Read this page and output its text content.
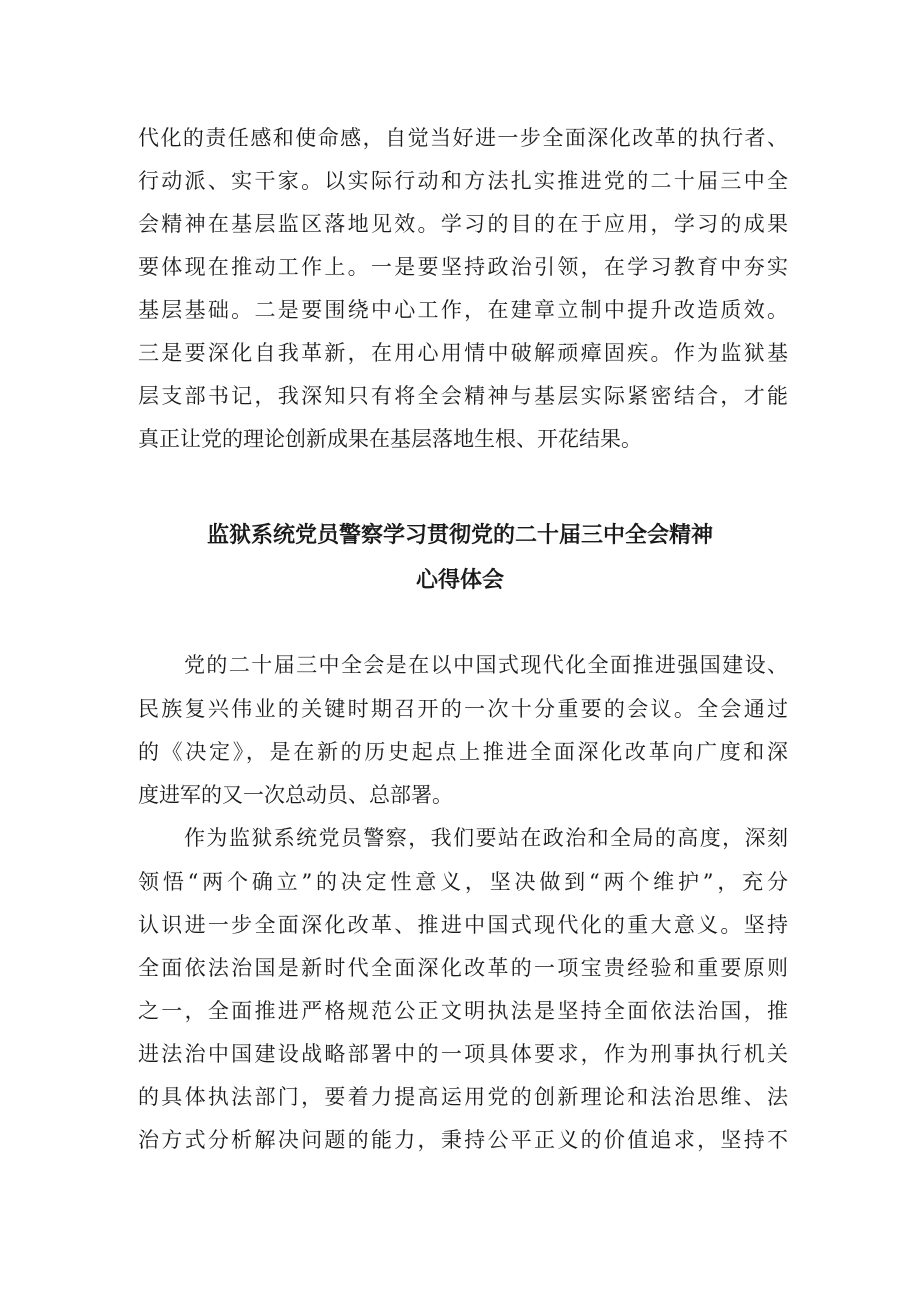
代化的责任感和使命感，自觉当好进一步全面深化改革的执行者、

行动派、实干家。以实际行动和方法扎实推进党的二十届三中全

会精神在基层监区落地见效。学习的目的在于应用，学习的成果

要体现在推动工作上。一是要坚持政治引领，在学习教育中夯实

基层基础。二是要围绕中心工作，在建章立制中提升改造质效。

三是要深化自我革新，在用心用情中破解顽瘴固疾。作为监狱基

层支部书记，我深知只有将全会精神与基层实际紧密结合，才能

真正让党的理论创新成果在基层落地生根、开花结果。

监狱系统党员警察学习贯彻党的二十届三中全会精神
心得体会

党的二十届三中全会是在以中国式现代化全面推进强国建设、

民族复兴伟业的关键时期召开的一次十分重要的会议。全会通过

的《决定》，是在新的历史起点上推进全面深化改革向广度和深

度进军的又一次总动员、总部署。

作为监狱系统党员警察，我们要站在政治和全局的高度，深刻

领悟“两个确立”的决定性意义，坚决做到“两个维护”，充分

认识进一步全面深化改革、推进中国式现代化的重大意义。坚持

全面依法治国是新时代全面深化改革的一项宝贵经验和重要原则

之一，全面推进严格规范公正文明执法是坚持全面依法治国，推

进法治中国建设战略部署中的一项具体要求，作为刑事执行机关

的具体执法部门，要着力提高运用党的创新理论和法治思维、法

治方式分析解决问题的能力，秉持公平正义的价值追求，坚持不
